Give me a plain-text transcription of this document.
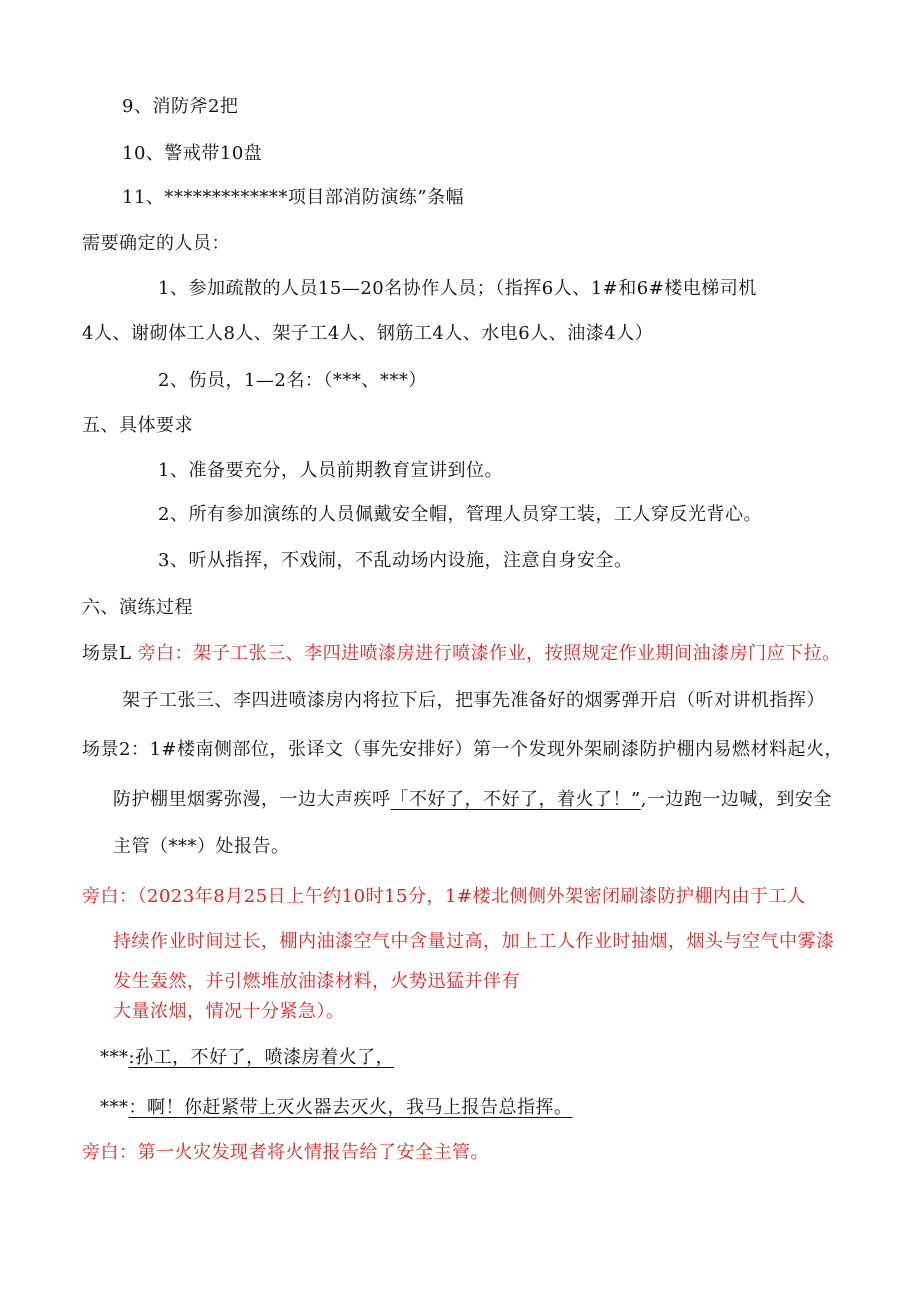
9、消防斧2把
10、警戒带10盘
11、*************项目部消防演练”条幅
需要确定的人员：
1、参加疏散的人员15—20名协作人员；（指挥6人、1#和6#楼电梯司机
4人、谢砌体工人8人、架子工4人、钢筋工4人、水电6人、油漆4人）
2、伤员，1—2名：（***、***）
五、具体要求
1、准备要充分，人员前期教育宣讲到位。
2、所有参加演练的人员佩戴安全帽，管理人员穿工装，工人穿反光背心。
3、听从指挥，不戏闹，不乱动场内设施，注意自身安全。
六、演练过程
场景L 旁白：架子工张三、李四进喷漆房进行喷漆作业，按照规定作业期间油漆房门应下拉。
架子工张三、李四进喷漆房内将拉下后，把事先准备好的烟雾弹开启（听对讲机指挥）
场景2：1#楼南侧部位，张译文（事先安排好）第一个发现外架刷漆防护棚内易燃材料起火，
防护棚里烟雾弥漫，一边大声疾呼「不好了，不好了，着火了！”,一边跑一边喊，到安全
主管（***）处报告。
旁白：（2023年8月25日上午约10时15分，1#楼北侧侧外架密闭刷漆防护棚内由于工人
持续作业时间过长，棚内油漆空气中含量过高，加上工人作业时抽烟，烟头与空气中雾漆
发生轰然，并引燃堆放油漆材料，火势迅猛并伴有
大量浓烟，情况十分紧急）。
***:孙工，不好了，喷漆房着火了，
***：啊！你赶紧带上灭火器去灭火，我马上报告总指挥。
旁白：第一火灾发现者将火情报告给了安全主管。
